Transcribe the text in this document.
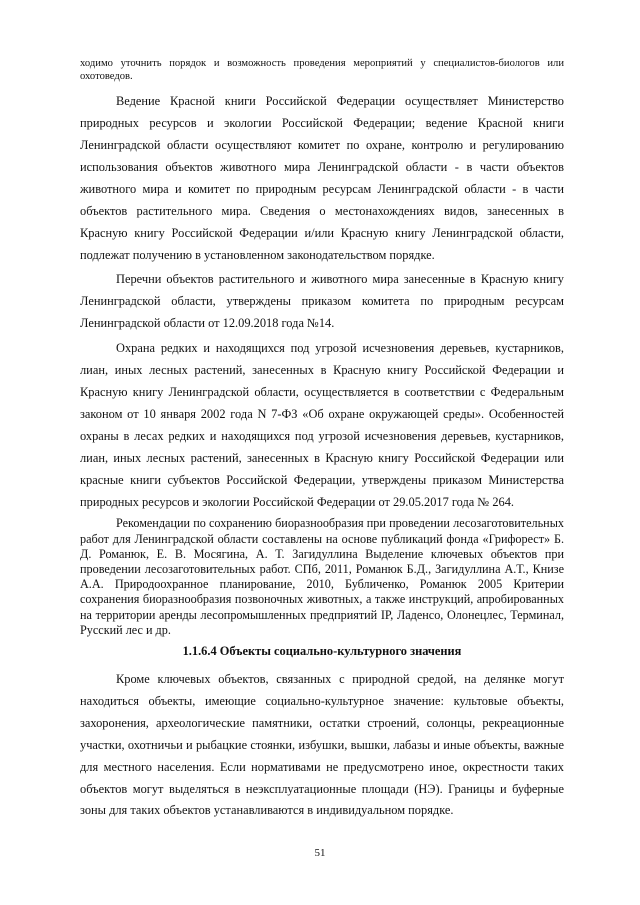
ходимо уточнить порядок и возможность проведения мероприятий у специалистов-биологов или охотоведов.

Ведение Красной книги Российской Федерации осуществляет Министерство природных ресурсов и экологии Российской Федерации; ведение Красной книги Ленинградской области осуществляют комитет по охране, контролю и регулированию использования объектов животного мира Ленинградской области - в части объектов животного мира и комитет по природным ресурсам Ленинградской области - в части объектов растительного мира. Сведения о местонахождениях видов, занесенных в Красную книгу Российской Федерации и/или Красную книгу Ленинградской области, подлежат получению в установленном законодательством порядке.

Перечни объектов растительного и животного мира занесенные в Красную книгу Ленинградской области, утверждены приказом комитета по природным ресурсам Ленинградской области от 12.09.2018 года №14.

Охрана редких и находящихся под угрозой исчезновения деревьев, кустарников, лиан, иных лесных растений, занесенных в Красную книгу Российской Федерации и Красную книгу Ленинградской области, осуществляется в соответствии с Федеральным законом от 10 января 2002 года N 7-ФЗ «Об охране окружающей среды». Особенностей охраны в лесах редких и находящихся под угрозой исчезновения деревьев, кустарников, лиан, иных лесных растений, занесенных в Красную книгу Российской Федерации или красные книги субъектов Российской Федерации, утверждены приказом Министерства природных ресурсов и экологии Российской Федерации от 29.05.2017 года № 264.

Рекомендации по сохранению биоразнообразия при проведении лесозаготовительных работ для Ленинградской области составлены на основе публикаций фонда «Грифорест» Б. Д. Романюк, Е. В. Мосягина, А. Т. Загидуллина Выделение ключевых объектов при проведении лесозаготовительных работ. СПб, 2011, Романюк Б.Д., Загидуллина А.Т., Книзе А.А. Природоохранное планирование, 2010, Бубличенко, Романюк 2005 Критерии сохранения биоразнообразия позвоночных животных, а также инструкций, апробированных на территории аренды лесопромышленных предприятий IP, Ладенсо, Олонецлес, Терминал, Русский лес и др.

1.1.6.4 Объекты социально-культурного значения

Кроме ключевых объектов, связанных с природной средой, на делянке могут находиться объекты, имеющие социально-культурное значение: культовые объекты, захоронения, археологические памятники, остатки строений, солонцы, рекреационные участки, охотничьи и рыбацкие стоянки, избушки, вышки, лабазы и иные объекты, важные для местного населения. Если нормативами не предусмотрено иное, окрестности таких объектов могут выделяться в неэксплуатационные площади (НЭ). Границы и буферные зоны для таких объектов устанавливаются в индивидуальном порядке.

51
